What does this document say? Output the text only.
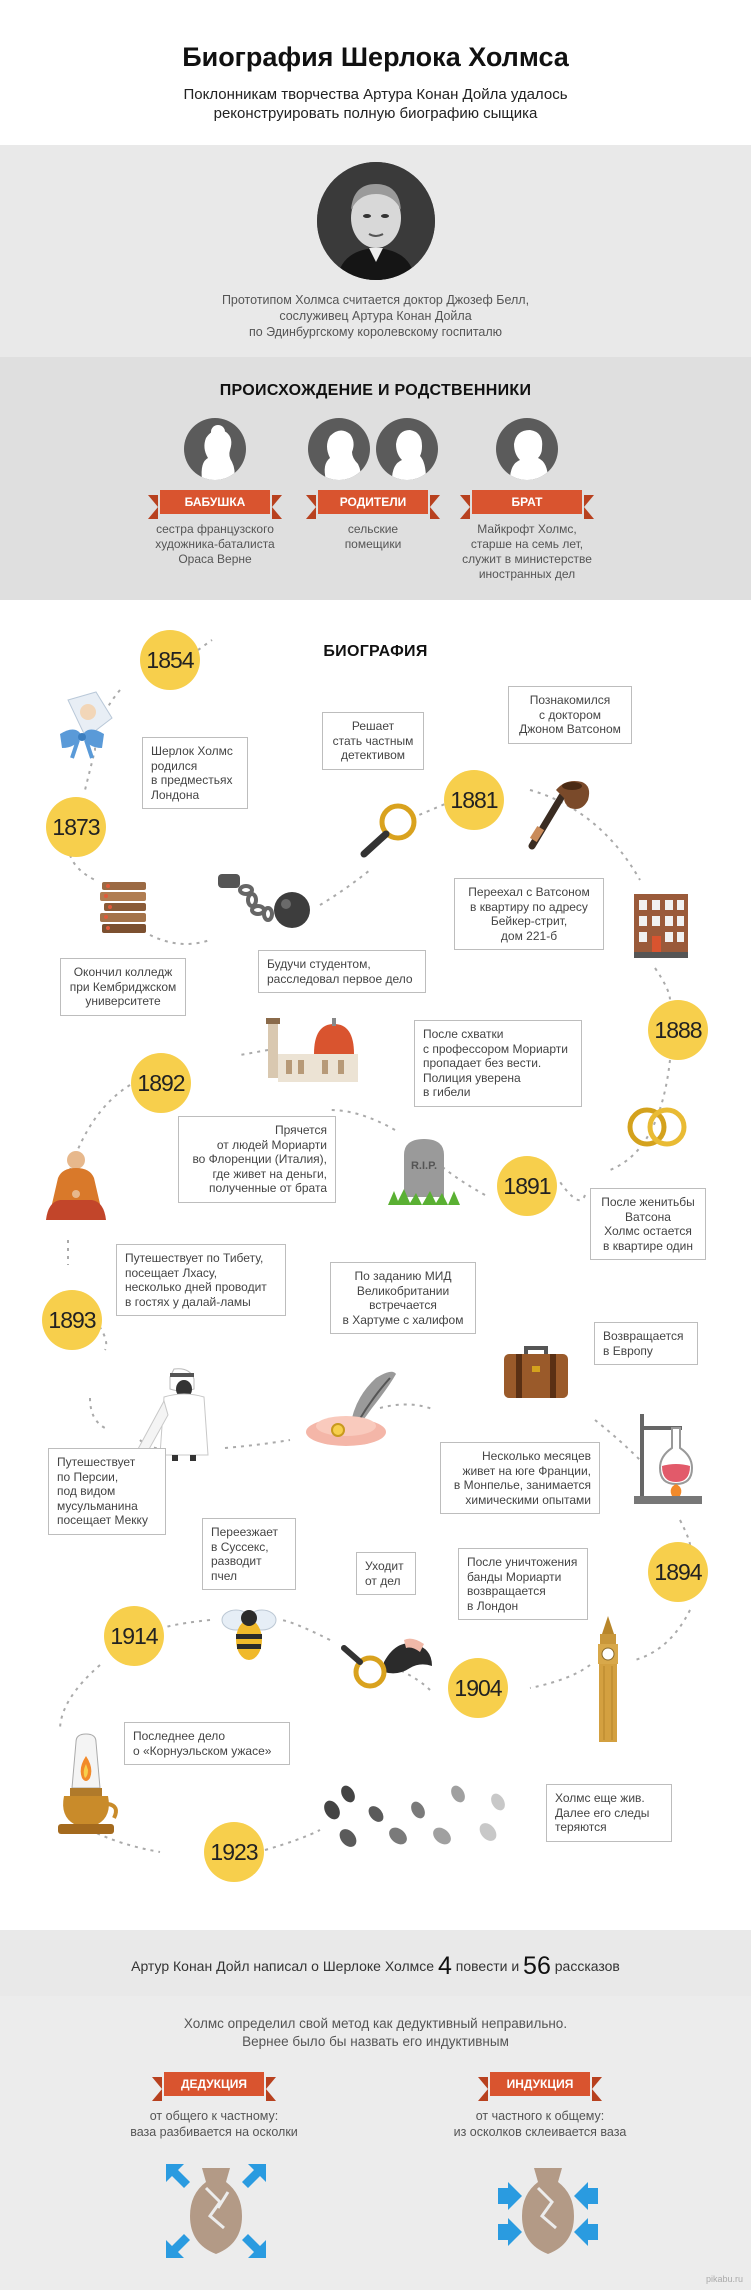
Биография Шерлока Холмса
Поклонникам творчества Артура Конан Дойла удалось
реконструировать полную биографию сыщика
Прототипом Холмса считается доктор Джозеф Белл,
сослуживец Артура Конан Дойла
по Эдинбургскому королевскому госпиталю
ПРОИСХОЖДЕНИЕ И РОДСТВЕННИКИ
БАБУШКА
сестра французского
художника-баталиста
Ораса Верне
РОДИТЕЛИ
сельские
помещики
БРАТ
Майкрофт Холмс,
старше на семь лет,
служит в министерстве
иностранных дел
БИОГРАФИЯ
1854
1873
1881
1888
1891
1892
1893
1894
1904
1914
1923
R.I.P.
Шерлок Холмс
родился
в предместьях
Лондона
Окончил колледж
при Кембриджском
университете
Будучи студентом,
расследовал первое дело
Решает
стать частным
детективом
Познакомился
с доктором
Джоном Ватсоном
Переехал с Ватсоном
в квартиру по адресу
Бейкер-стрит,
дом 221-б
После женитьбы
Ватсона
Холмс остается
в квартире один
После схватки
с профессором Мориарти
пропадает без вести.
Полиция уверена
в гибели
Прячется
от людей Мориарти
во Флоренции (Италия),
где живет на деньги,
полученные от брата
Путешествует по Тибету,
посещает Лхасу,
несколько дней проводит
в гостях у далай-ламы
По заданию МИД
Великобритании
встречается
в Хартуме с халифом
Возвращается
в Европу
Несколько месяцев
живет на юге Франции,
в Монпелье, занимается
химическими опытами
Путешествует
по Персии,
под видом
мусульманина
посещает Мекку
После уничтожения
банды Мориарти
возвращается
в Лондон
Уходит
от дел
Переезжает
в Суссекс,
разводит пчел
Последнее дело
о «Корнуэльском ужасе»
Холмс еще жив.
Далее его следы
теряются
Артур Конан Дойл написал о Шерлоке Холмсе 4 повести и 56 рассказов
Холмс определил свой метод как дедуктивный неправильно.
Вернее было бы назвать его индуктивным
ДЕДУКЦИЯ
от общего к частному:
ваза разбивается на осколки
ИНДУКЦИЯ
от частного к общему:
из осколков склеивается ваза
pikabu.ru
